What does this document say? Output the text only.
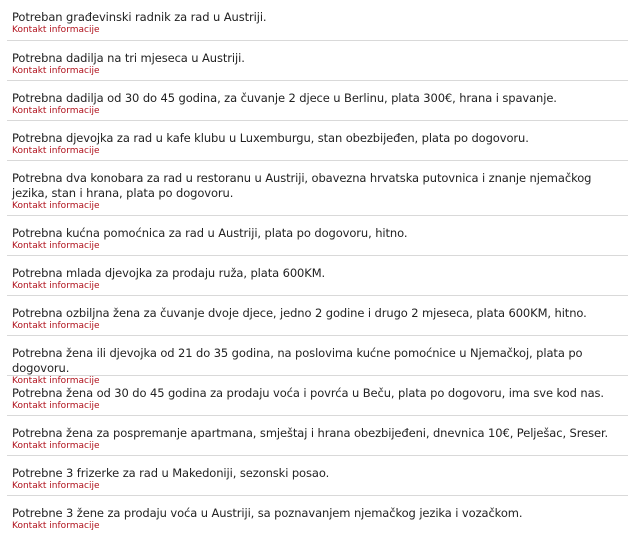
Potreban građevinski radnik za rad u Austriji.
Kontakt informacije
Potrebna dadilja na tri mjeseca u Austriji.
Kontakt informacije
Potrebna dadilja od 30 do 45 godina, za čuvanje 2 djece u Berlinu, plata 300€, hrana i spavanje.
Kontakt informacije
Potrebna djevojka za rad u kafe klubu u Luxemburgu, stan obezbijeđen, plata po dogovoru.
Kontakt informacije
Potrebna dva konobara za rad u restoranu u Austriji, obavezna hrvatska putovnica i znanje njemačkog jezika, stan i hrana, plata po dogovoru.
Kontakt informacije
Potrebna kućna pomoćnica za rad u Austriji, plata po dogovoru, hitno.
Kontakt informacije
Potrebna mlada djevojka za prodaju ruža, plata 600KM.
Kontakt informacije
Potrebna ozbiljna žena za čuvanje dvoje djece, jedno 2 godine i drugo 2 mjeseca, plata 600KM, hitno.
Kontakt informacije
Potrebna žena ili djevojka od 21 do 35 godina, na poslovima kućne pomoćnice u Njemačkoj, plata po dogovoru.
Kontakt informacije
Potrebna žena od 30 do 45 godina za prodaju voća i povrća u Beču, plata po dogovoru, ima sve kod nas.
Kontakt informacije
Potrebna žena za pospremanje apartmana, smještaj i hrana obezbijeđeni, dnevnica 10€, Pelješac, Sreser.
Kontakt informacije
Potrebne 3 frizerke za rad u Makedoniji, sezonski posao.
Kontakt informacije
Potrebne 3 žene za prodaju voća u Austriji, sa poznavanjem njemačkog jezika i vozačkom.
Kontakt informacije
